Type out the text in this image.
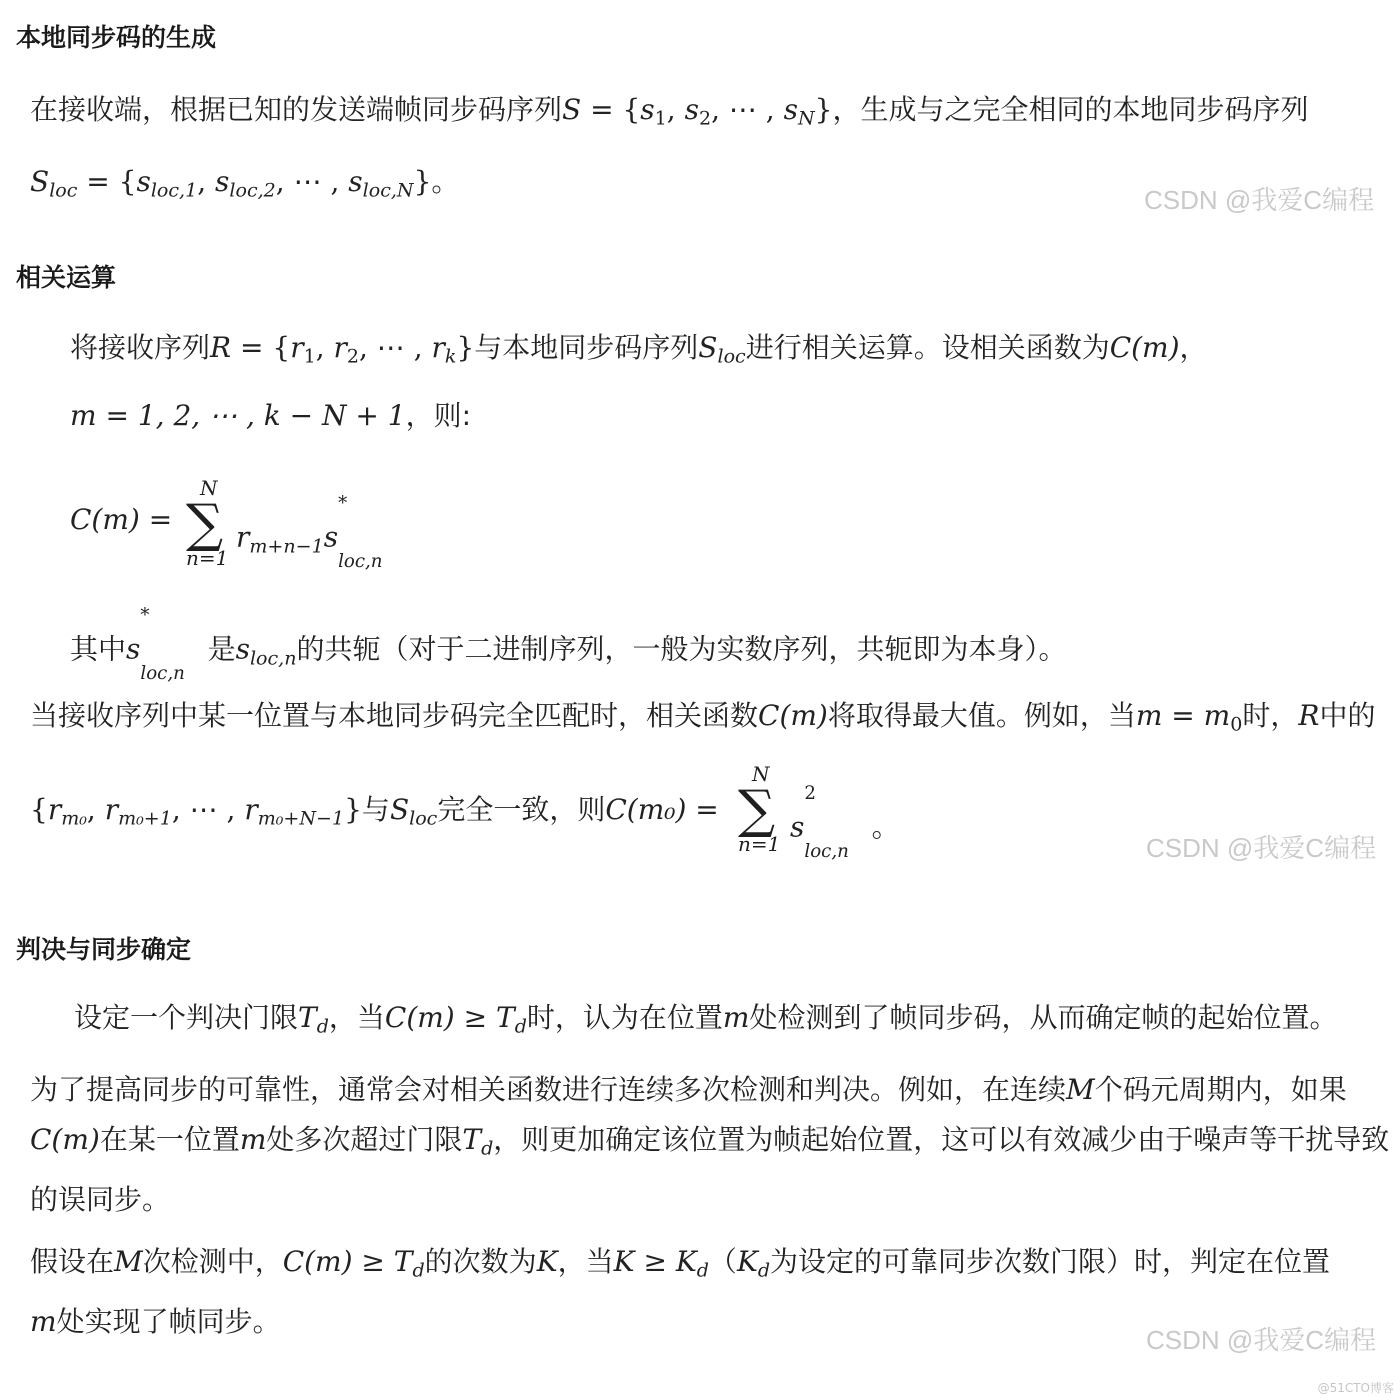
本地同步码的生成
在接收端，根据已知的发送端帧同步码序列$S = \{s_1$, $s_2$, ⋯ , $s_N$}，生成与之完全相同的本地同步码序列
$S_{loc} = \{s_{loc,1}$, $s_{loc,2}$, ⋯ , $s_{loc,N}$}。
CSDN @我爱C编程
相关运算
将接收序列$R = \{r_1$, $r_2$, ⋯ , $r_k$}与本地同步码序列$S_{loc}$进行相关运算。设相关函数为C(m)，
m = 1, 2, ⋯ , k − N + 1，则:
C(m) =
N
∑
n=1
$r_{m+n-1}s$
*
loc,n
其中s
*
loc,n
是$s_{loc,n}$的共轭（对于二进制序列，一般为实数序列，共轭即为本身）。
当接收序列中某一位置与本地同步码完全匹配时，相关函数C(m)将取得最大值。例如，当$m = m_0$时，R中的
{$r_{m_0}$, $r_{m_0+1}$, ⋯ , $r_{m_0+N-1}$}与$S_{loc}$完全一致，则C(m₀) =
N
∑
n=1
s
2
loc,n
。
CSDN @我爱C编程
判决与同步确定
设定一个判决门限$T_d$，当$C(m) \ge T_d$时，认为在位置m处检测到了帧同步码，从而确定帧的起始位置。
为了提高同步的可靠性，通常会对相关函数进行连续多次检测和判决。例如，在连续M个码元周期内，如果
C(m)在某一位置m处多次超过门限$T_d$，则更加确定该位置为帧起始位置，这可以有效减少由于噪声等干扰导致
的误同步。
假设在M次检测中，$C(m) \ge T_d$的次数为K，当$K \ge K_d(K_d$为设定的可靠同步次数门限）时，判定在位置
m处实现了帧同步。
CSDN @我爱C编程
@51CTO博客
